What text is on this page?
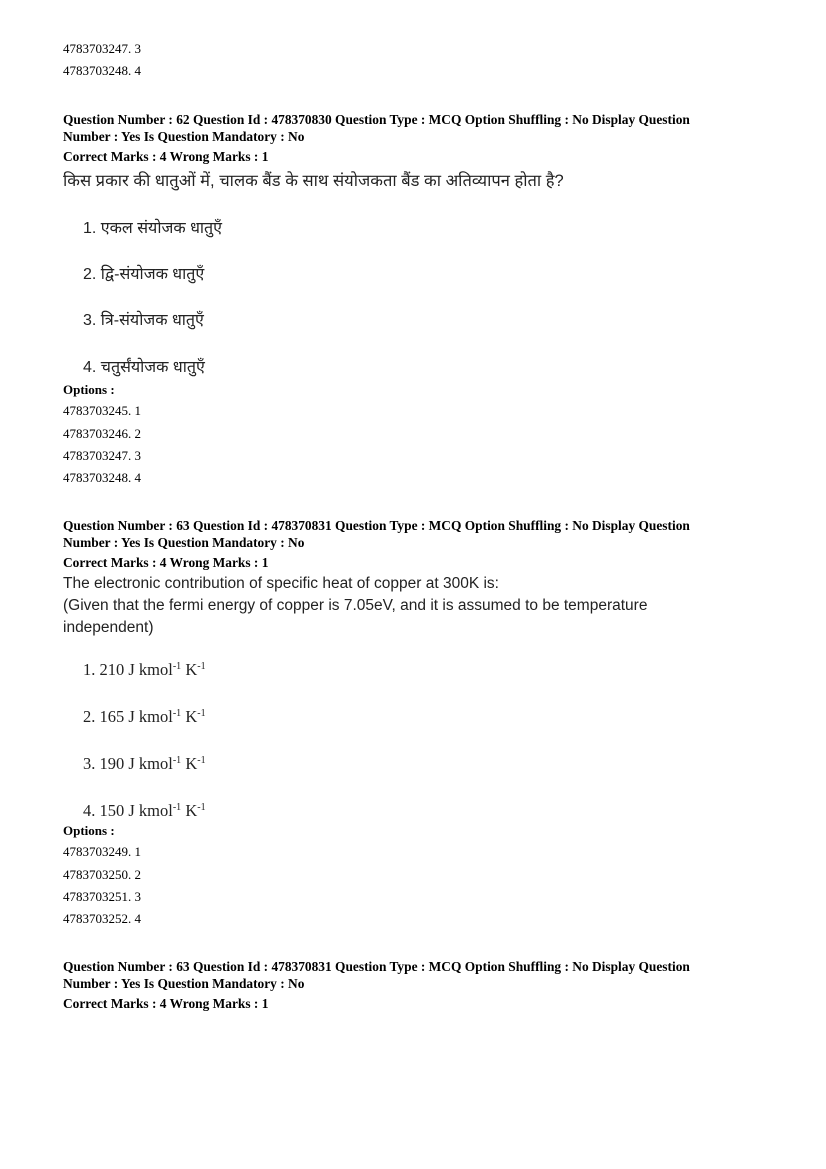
4783703247. 3
4783703248. 4
Question Number : 62 Question Id : 478370830 Question Type : MCQ Option Shuffling : No Display Question
Number : Yes Is Question Mandatory : No
Correct Marks : 4 Wrong Marks : 1
किस प्रकार की धातुओं में, चालक बैंड के साथ संयोजकता बैंड का अतिव्यापन होता है?
1. एकल संयोजक धातुएँ
2. द्वि-संयोजक धातुएँ
3. त्रि-संयोजक धातुएँ
4. चतुर्संयोजक धातुएँ
Options :
4783703245. 1
4783703246. 2
4783703247. 3
4783703248. 4
Question Number : 63 Question Id : 478370831 Question Type : MCQ Option Shuffling : No Display Question
Number : Yes Is Question Mandatory : No
Correct Marks : 4 Wrong Marks : 1
The electronic contribution of specific heat of copper at 300K is:
(Given that the fermi energy of copper is 7.05eV, and it is assumed to be temperature
independent)
1. 210 J kmol$^{-1}$ $K^{-1}$
2. 165 J kmol$^{-1}$ $K^{-1}$
3. 190 J kmol$^{-1}$ $K^{-1}$
4. 150 J kmol$^{-1}$ $K^{-1}$
Options :
4783703249. 1
4783703250. 2
4783703251. 3
4783703252. 4
Question Number : 63 Question Id : 478370831 Question Type : MCQ Option Shuffling : No Display Question
Number : Yes Is Question Mandatory : No
Correct Marks : 4 Wrong Marks : 1
